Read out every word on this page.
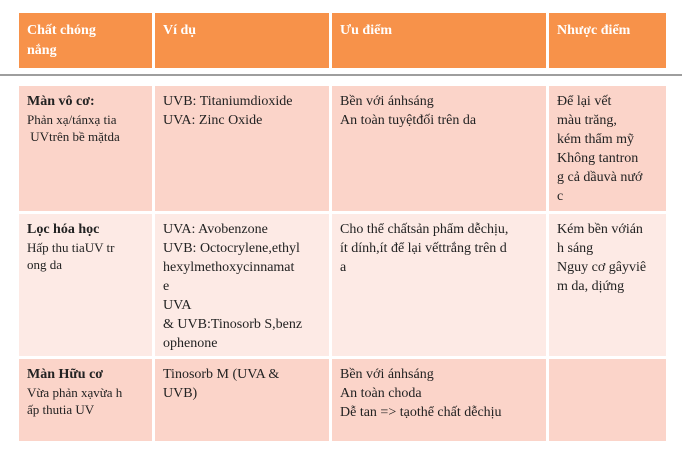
Chất chóng
nắng
Ví dụ	Ưu điểm	Nhược điểm
Màn vô cơ:
Phản xạ/tánxạ tia
UVtrên bề mặtda
UVB: Titaniumdioxide
UVA: Zinc Oxide
Bền với ánhsáng
An toàn tuyệtđối trên da
Để lại vết
màu trăng,
kém thẩm mỹ
Không tantron
g cả dầuvà nướ
c
Lọc hóa học
Hấp thu tiaUV tr
ong da
UVA: Avobenzone
UVB: Octocrylene,ethyl
hexylmethoxycinnamat
e
UVA
& UVB:Tinosorb S,benz
ophenone
Cho thể chấtsản phẩm dễchịu,
ít dính,ít để lại vếttrắng trên d
a
Kém bền vớián
h sáng
Nguy cơ gâyviê
m da, dịứng
Màn Hữu cơ
Vừa phản xạvừa h
ấp thutia UV
Tinosorb M (UVA &
UVB)
Bền với ánhsáng
An toàn choda
Dễ tan => tạothể chất dễchịu
